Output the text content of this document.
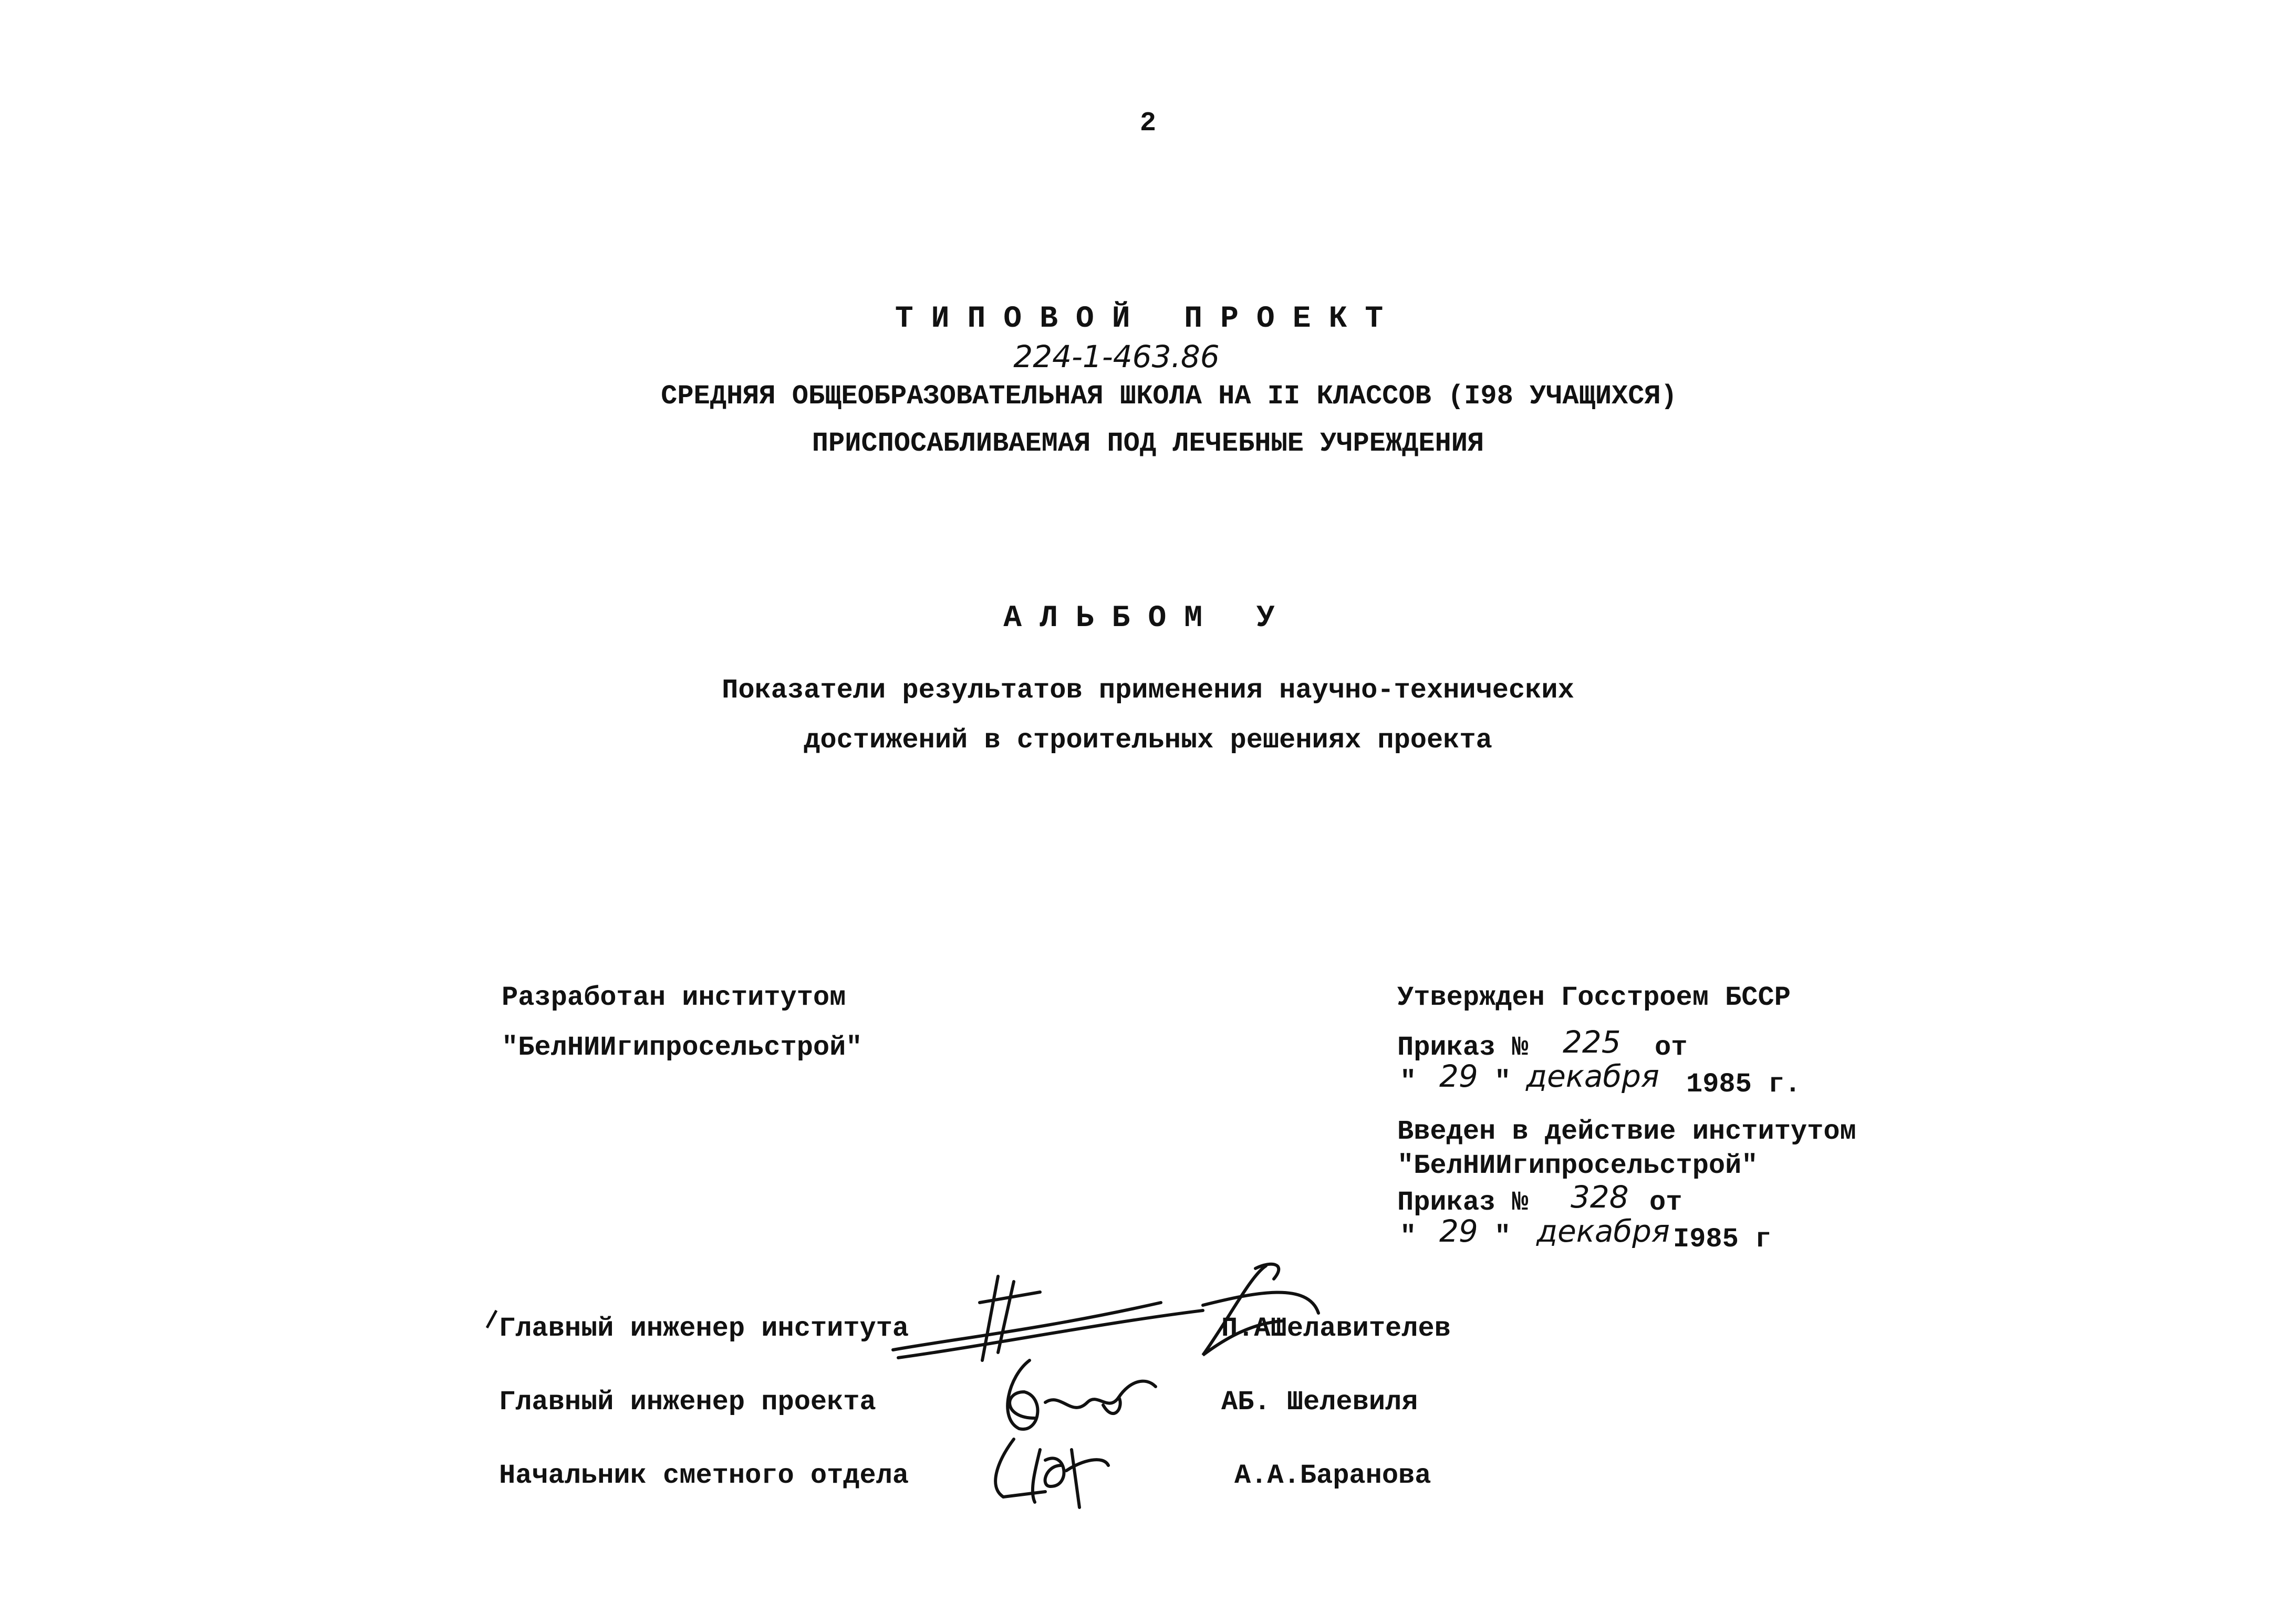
2
ТИПОВОЙ ПРОЕКТ
224-1-463.86
СРЕДНЯЯ ОБЩЕОБРАЗОВАТЕЛЬНАЯ ШКОЛА НА II КЛАССОВ (I98 УЧАЩИХСЯ)
ПРИСПОСАБЛИВАЕМАЯ ПОД ЛЕЧЕБНЫЕ УЧРЕЖДЕНИЯ
АЛЬБОМ У
Показатели результатов применения научно-технических
достижений в строительных решениях проекта
Разработан институтом
"БелНИИгипросельстрой"
Утвержден Госстроем БССР
Приказ № 225 от
" 29 " декабря 1985 г.
Введен в действие институтом
"БелНИИгипросельстрой"
Приказ № 328 от
" 29 " декабря I985 г
Главный инженер института	П.АШелавителев
Главный инженер проекта	АБ. Шелевиля
Начальник сметного отдела	А.А.Баранова
